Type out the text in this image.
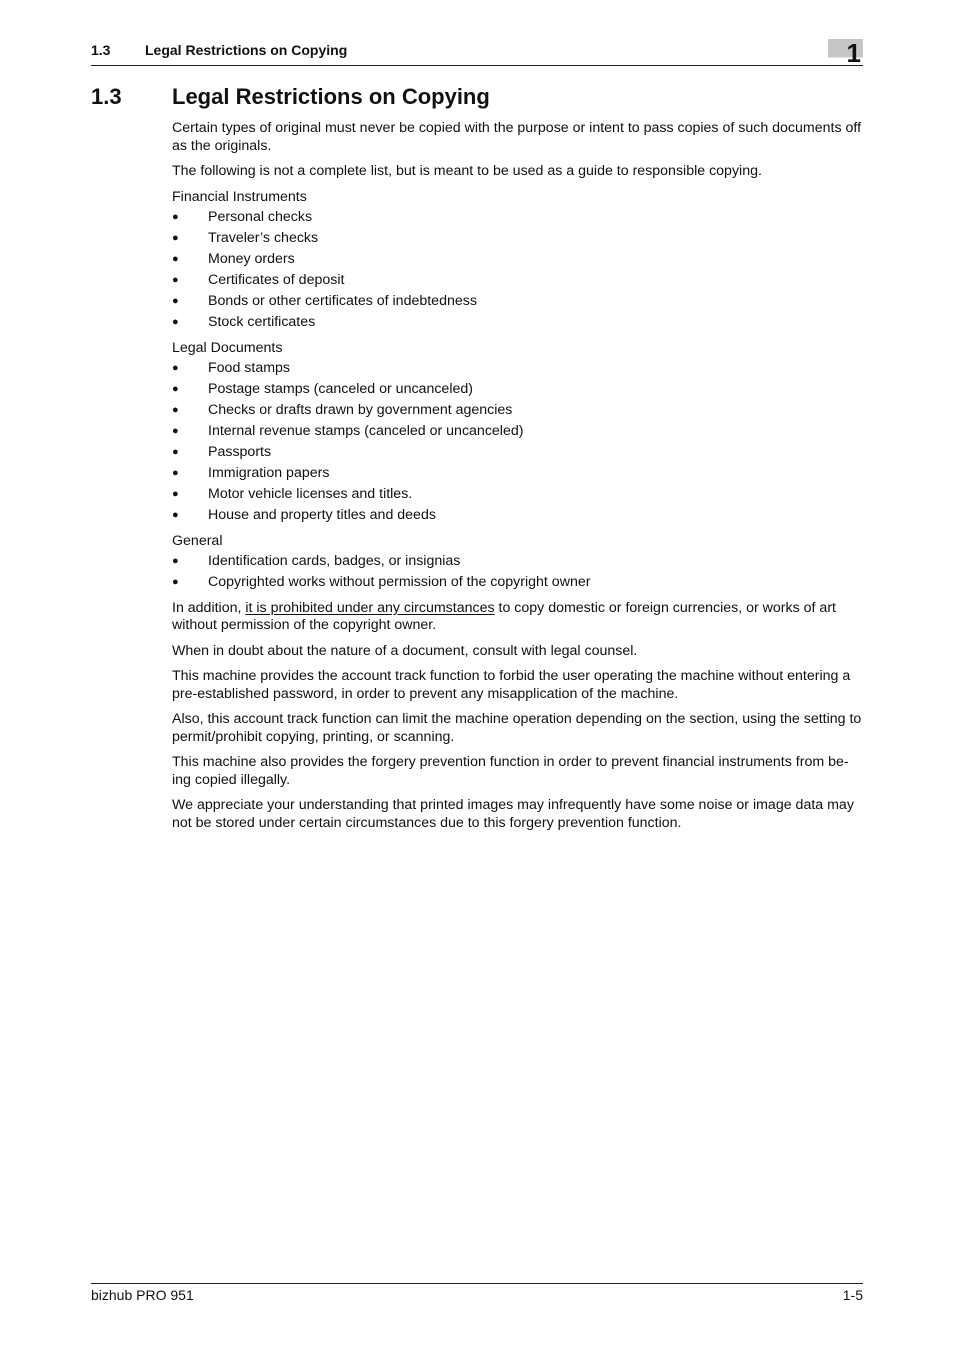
1.3 Legal Restrictions on Copying	1
1.3 Legal Restrictions on Copying

Certain types of original must never be copied with the purpose or intent to pass copies of such documents off as the originals.

The following is not a complete list, but is meant to be used as a guide to responsible copying.

Financial Instruments

● Personal checks
● Traveler’s checks
● Money orders
● Certificates of deposit
● Bonds or other certificates of indebtedness
● Stock certificates

Legal Documents

● Food stamps
● Postage stamps (canceled or uncanceled)
● Checks or drafts drawn by government agencies
● Internal revenue stamps (canceled or uncanceled)
● Passports
● Immigration papers
● Motor vehicle licenses and titles.
● House and property titles and deeds

General

● Identification cards, badges, or insignias
● Copyrighted works without permission of the copyright owner

In addition, it is prohibited under any circumstances to copy domestic or foreign currencies, or works of art without permission of the copyright owner.

When in doubt about the nature of a document, consult with legal counsel.

This machine provides the account track function to forbid the user operating the machine without entering a pre-established password, in order to prevent any misapplication of the machine.

Also, this account track function can limit the machine operation depending on the section, using the setting to permit/prohibit copying, printing, or scanning.

This machine also provides the forgery prevention function in order to prevent financial instruments from be-ing copied illegally.

We appreciate your understanding that printed images may infrequently have some noise or image data may not be stored under certain circumstances due to this forgery prevention function.

bizhub PRO 951	1-5
